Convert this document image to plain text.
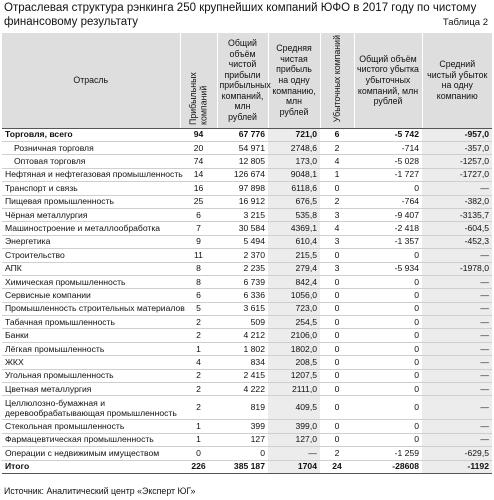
Отраслевая структура рэнкинга 250 крупнейших компаний ЮФО в 2017 году по чистому финансовому результату	Таблица 2
Отрасль	Прибыльных компаний	Общий объём чистой прибыли прибыльных компаний, млн рублей	Средняя чистая прибыль на одну компанию, млн рублей	Убыточных компаний	Общий объём чистого убытка убыточных компаний, млн рублей	Средний чистый убыток на одну компанию
Торговля, всего	94	67 776	721,0	6	-5 742	-957,0
Розничная торговля	20	54 971	2748,6	2	-714	-357,0
Оптовая торговля	74	12 805	173,0	4	-5 028	-1257,0
Нефтяная и нефтегазовая промышленность	14	126 674	9048,1	1	-1 727	-1727,0
Транспорт и связь	16	97 898	6118,6	0	0	—
Пищевая промышленность	25	16 912	676,5	2	-764	-382,0
Чёрная металлургия	6	3 215	535,8	3	-9 407	-3135,7
Машиностроение и металлообработка	7	30 584	4369,1	4	-2 418	-604,5
Энергетика	9	5 494	610,4	3	-1 357	-452,3
Строительство	11	2 370	215,5	0	0	—
АПК	8	2 235	279,4	3	-5 934	-1978,0
Химическая промышленность	8	6 739	842,4	0	0	—
Сервисные компании	6	6 336	1056,0	0	0	—
Промышленность строительных материалов	5	3 615	723,0	0	0	—
Табачная промышленность	2	509	254,5	0	0	—
Банки	2	4 212	2106,0	0	0	—
Лёгкая промышленность	1	1 802	1802,0	0	0	—
ЖКХ	4	834	208,5	0	0	—
Угольная промышленность	2	2 415	1207,5	0	0	—
Цветная металлургия	2	4 222	2111,0	0	0	—
Целлюлозно-бумажная и деревообрабатывающая промышленность	2	819	409,5	0	0	—
Стекольная промышленность	1	399	399,0	0	0	—
Фармацевтическая промышленность	1	127	127,0	0	0	—
Операции с недвижимым имуществом	0	0	—	2	-1 259	-629,5
Итого	226	385 187	1704	24	-28608	-1192
Источник: Аналитический центр «Эксперт ЮГ»
